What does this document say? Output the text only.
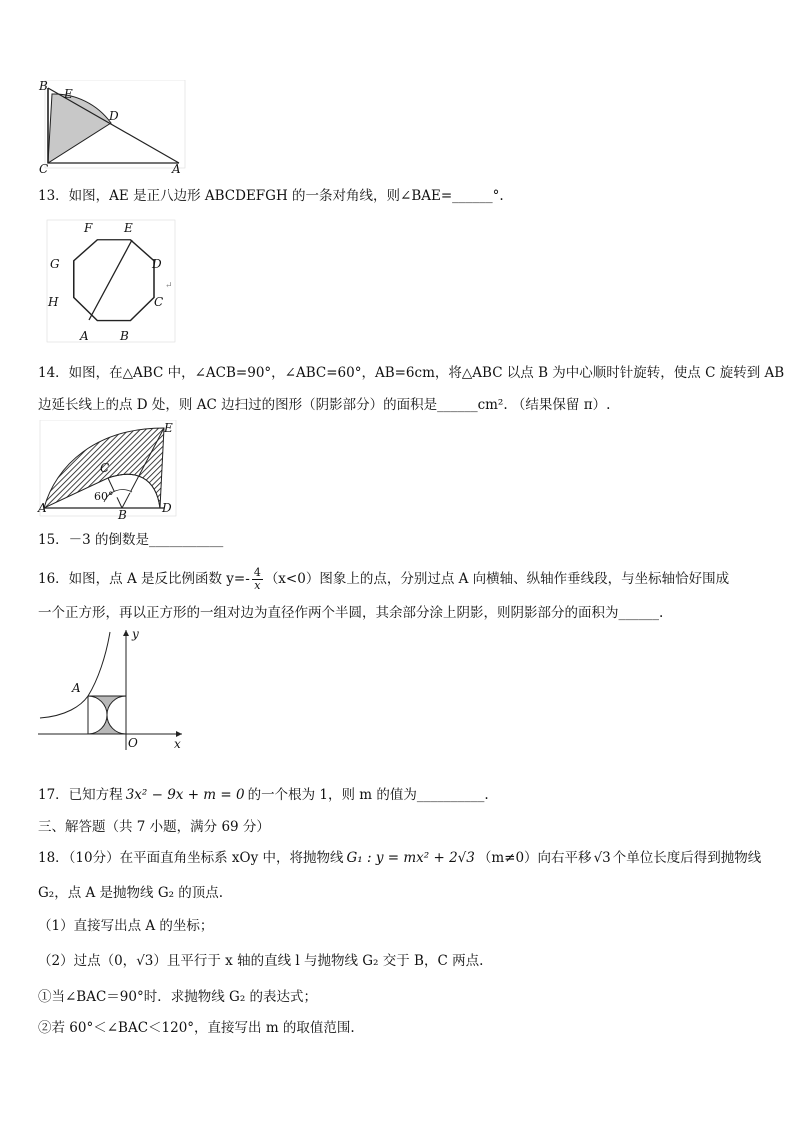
B
E
D
C	A
13．如图，AE 是正八边形 ABCDEFGH 的一条对角线，则∠BAE=______°.
F	E
G	D
H	C
A	B
↵
14．如图，在△ABC 中，∠ACB=90°，∠ABC=60°，AB=6cm，将△ABC 以点 B 为中心顺时针旋转，使点 C 旋转到 AB
边延长线上的点 D 处，则 AC 边扫过的图形（阴影部分）的面积是______cm². （结果保留 π）.
E
C
A
60°
B	D
15．－3 的倒数是___________
16．如图，点 A 是反比例函数 $y=- \frac{4}{x} (x<0)$图象上的点，分别过点 A 向横轴、纵轴作垂线段，与坐标轴恰好围成
一个正方形，再以正方形的一组对边为直径作两个半圆，其余部分涂上阴影，则阴影部分的面积为______.
y
A
O	x
17．已知方程 3x² − 9x + m = 0 的一个根为 1，则 m 的值为__________.
三、解答题（共 7 小题，满分 69 分）
18．（10分）在平面直角坐标系 xOy 中，将抛物线 G₁ : y = mx² + 2√3 （m≠0）向右平移 √3 个单位长度后得到抛物线
G₂，点 A 是抛物线 G₂ 的顶点.
（1）直接写出点 A 的坐标；
（2）过点（0，√3）且平行于 x 轴的直线 l 与抛物线 G₂ 交于 B，C 两点.
①当∠BAC＝90°时．求抛物线 G₂ 的表达式；
②若 60°＜∠BAC＜120°，直接写出 m 的取值范围.
